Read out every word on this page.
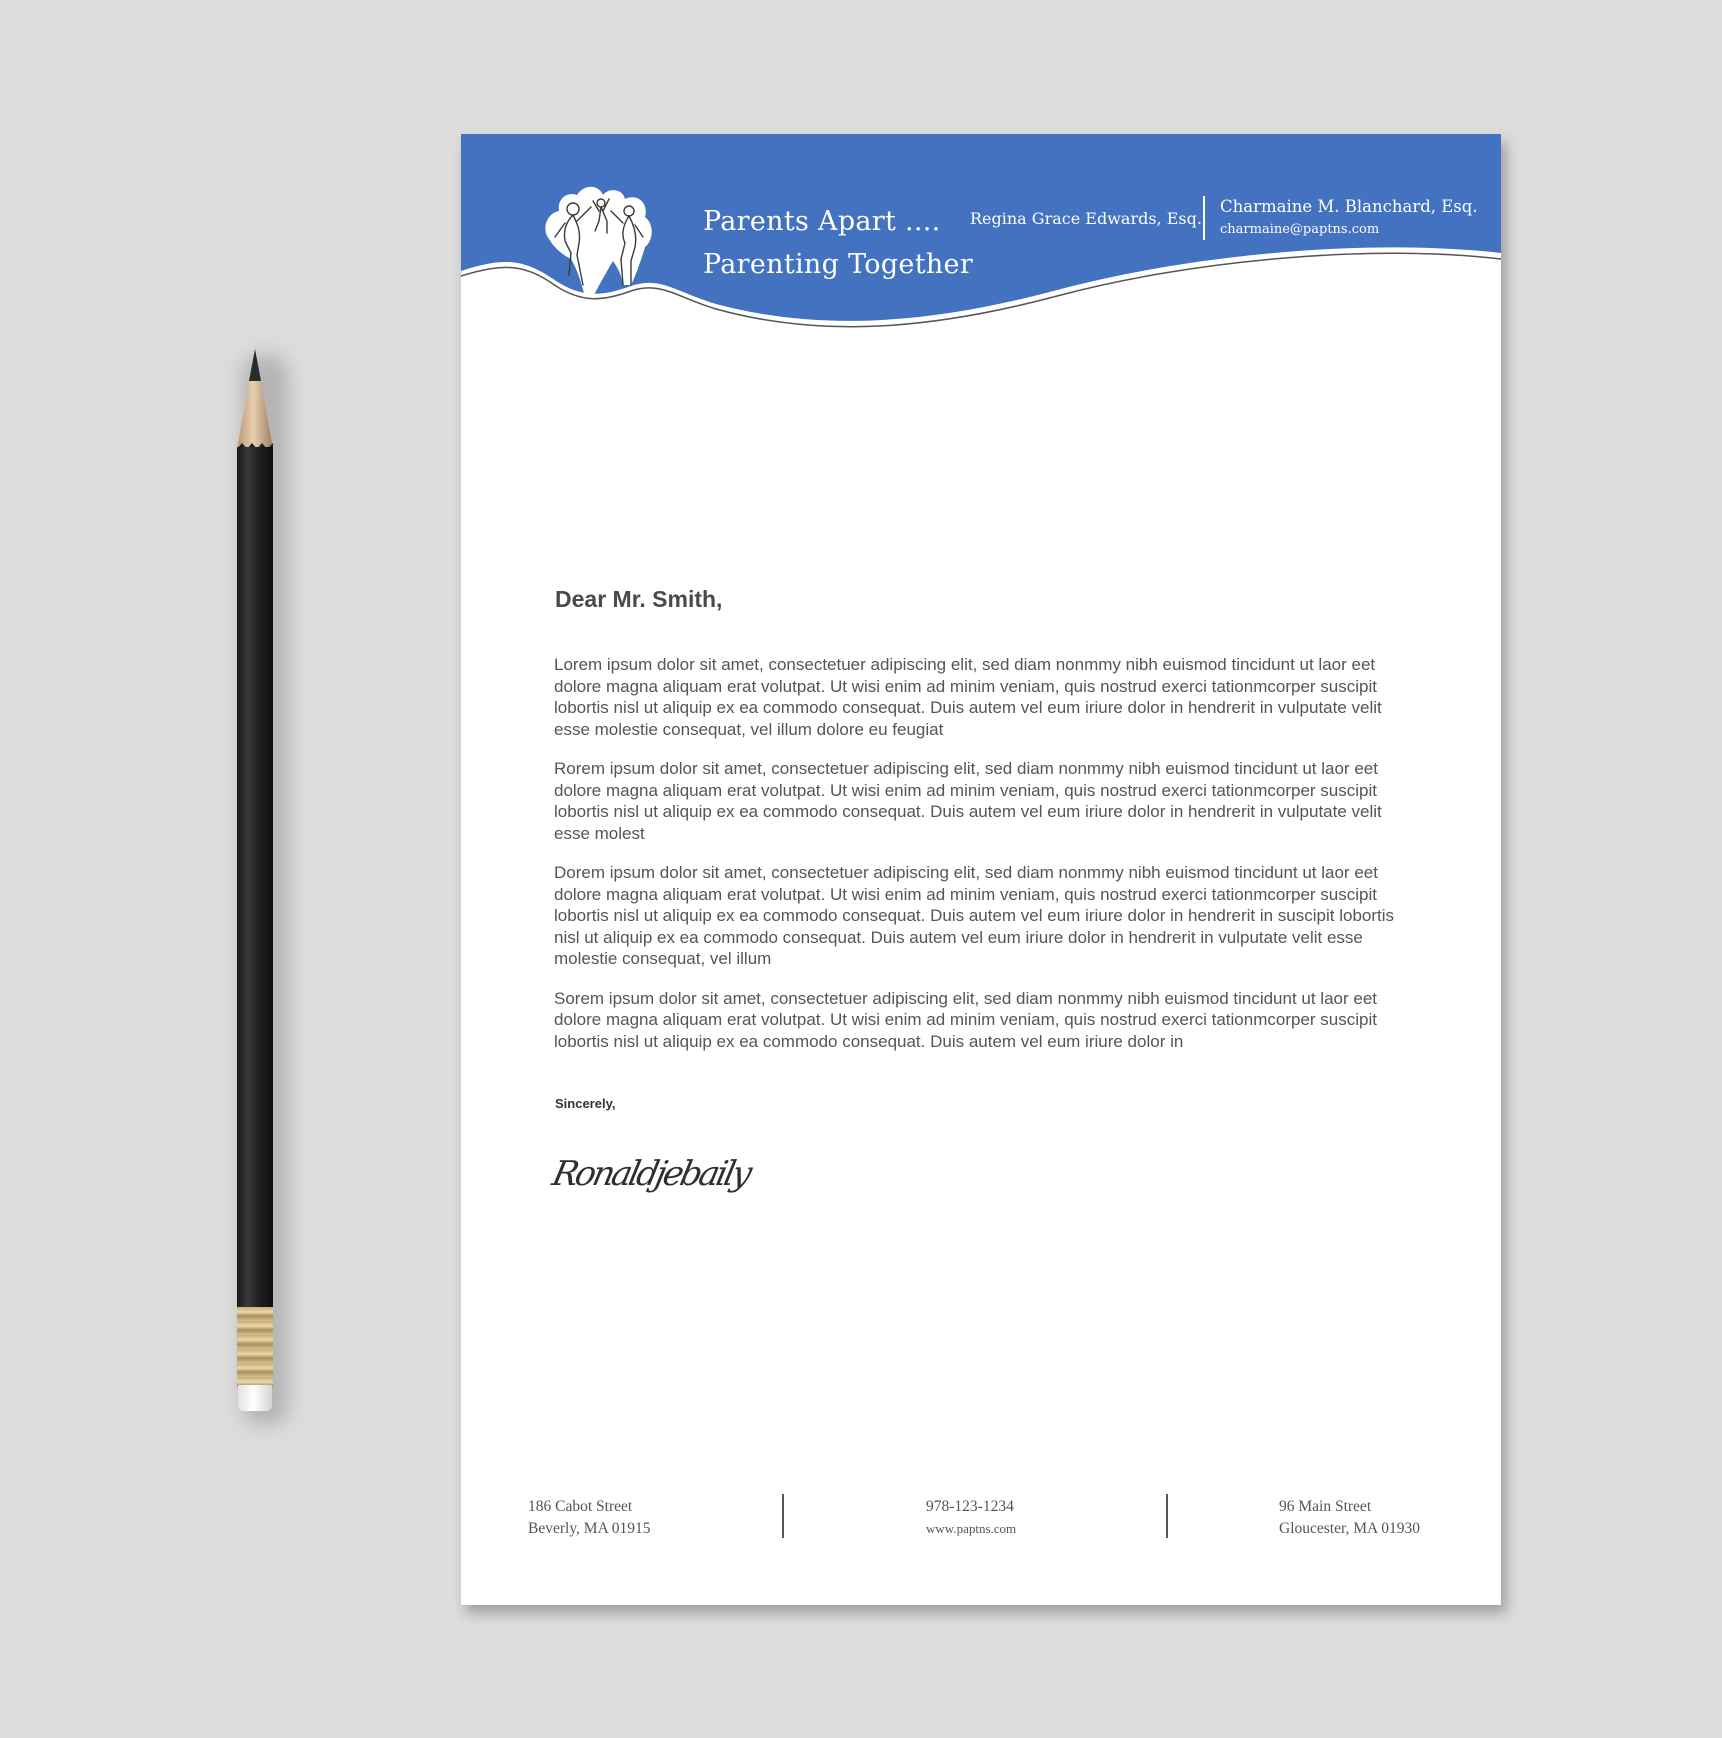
Parents Apart ....
Parenting Together
Regina Grace Edwards, Esq.
Charmaine M. Blanchard, Esq.
charmaine@paptns.com
Dear Mr. Smith,

Lorem ipsum dolor sit amet, consectetuer adipiscing elit, sed diam nonmmy nibh euismod tincidunt ut laor eet dolore magna aliquam erat volutpat. Ut wisi enim ad minim veniam, quis nostrud exerci tationmcorper suscipit lobortis nisl ut aliquip ex ea commodo consequat. Duis autem vel eum iriure dolor in hendrerit in vulputate velit esse molestie consequat, vel illum dolore eu feugiat

Rorem ipsum dolor sit amet, consectetuer adipiscing elit, sed diam nonmmy nibh euismod tincidunt ut laor eet dolore magna aliquam erat volutpat. Ut wisi enim ad minim veniam, quis nostrud exerci tationmcorper suscipit lobortis nisl ut aliquip ex ea commodo consequat. Duis autem vel eum iriure dolor in hendrerit in vulputate velit esse molest

Dorem ipsum dolor sit amet, consectetuer adipiscing elit, sed diam nonmmy nibh euismod tincidunt ut laor eet dolore magna aliquam erat volutpat. Ut wisi enim ad minim veniam, quis nostrud exerci tationmcorper suscipit lobortis nisl ut aliquip ex ea commodo consequat. Duis autem vel eum iriure dolor in hendrerit in suscipit lobortis nisl ut aliquip ex ea commodo consequat. Duis autem vel eum iriure dolor in hendrerit in vulputate velit esse molestie consequat, vel illum

Sorem ipsum dolor sit amet, consectetuer adipiscing elit, sed diam nonmmy nibh euismod tincidunt ut laor eet dolore magna aliquam erat volutpat. Ut wisi enim ad minim veniam, quis nostrud exerci tationmcorper suscipit lobortis nisl ut aliquip ex ea commodo consequat. Duis autem vel eum iriure dolor in

Sincerely,
Ronaldjebaily
186 Cabot Street
Beverly, MA 01915
978-123-1234
www.paptns.com
96 Main Street
Gloucester, MA 01930
